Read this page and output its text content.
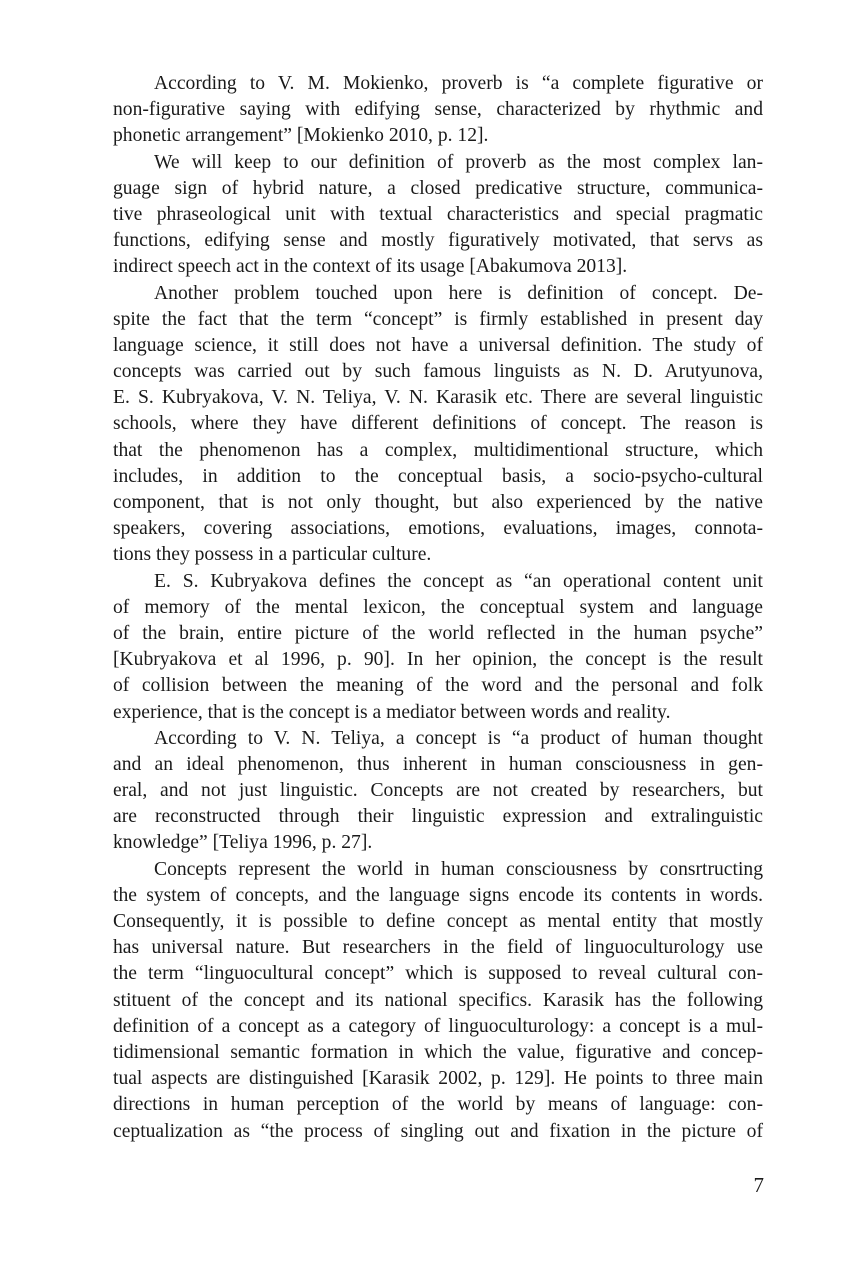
According to V. M. Mokienko, proverb is “a complete figurative or
non-figurative saying with edifying sense, characterized by rhythmic and
phonetic arrangement” [Mokienko 2010, p. 12].
We will keep to our definition of proverb as the most complex lan-
guage sign of hybrid nature, a closed predicative structure, communica-
tive phraseological unit with textual characteristics and special pragmatic
functions, edifying sense and mostly figuratively motivated, that servs as
indirect speech act in the context of its usage [Abakumova 2013].
Another problem touched upon here is definition of concept. De-
spite the fact that the term “concept” is firmly established in present day
language science, it still does not have a universal definition. The study of
concepts was carried out by such famous linguists as N. D. Arutyunova,
E. S. Kubryakova, V. N. Teliya, V. N. Karasik etc. There are several linguistic
schools, where they have different definitions of concept. The reason is
that the phenomenon has a complex, multidimentional structure, which
includes, in addition to the conceptual basis, a socio-psycho-cultural
component, that is not only thought, but also experienced by the native
speakers, covering associations, emotions, evaluations, images, connota-
tions they possess in a particular culture.
E. S. Kubryakova defines the concept as “an operational content unit
of memory of the mental lexicon, the conceptual system and language
of the brain, entire picture of the world reflected in the human psyche”
[Kubryakova et al 1996, p. 90]. In her opinion, the concept is the result
of collision between the meaning of the word and the personal and folk
experience, that is the concept is a mediator between words and reality.
According to V. N. Teliya, a concept is “a product of human thought
and an ideal phenomenon, thus inherent in human consciousness in gen-
eral, and not just linguistic. Concepts are not created by researchers, but
are reconstructed through their linguistic expression and extralinguistic
knowledge” [Teliya 1996, p. 27].
Concepts represent the world in human consciousness by consrtructing
the system of concepts, and the language signs encode its contents in words.
Consequently, it is possible to define concept as mental entity that mostly
has universal nature. But researchers in the field of linguoculturology use
the term “linguocultural concept” which is supposed to reveal cultural con-
stituent of the concept and its national specifics. Karasik has the following
definition of a concept as a category of linguoculturology: a concept is a mul-
tidimensional semantic formation in which the value, figurative and concep-
tual aspects are distinguished [Karasik 2002, p. 129]. He points to three main
directions in human perception of the world by means of language: con-
ceptualization as “the process of singling out and fixation in the picture of
7
